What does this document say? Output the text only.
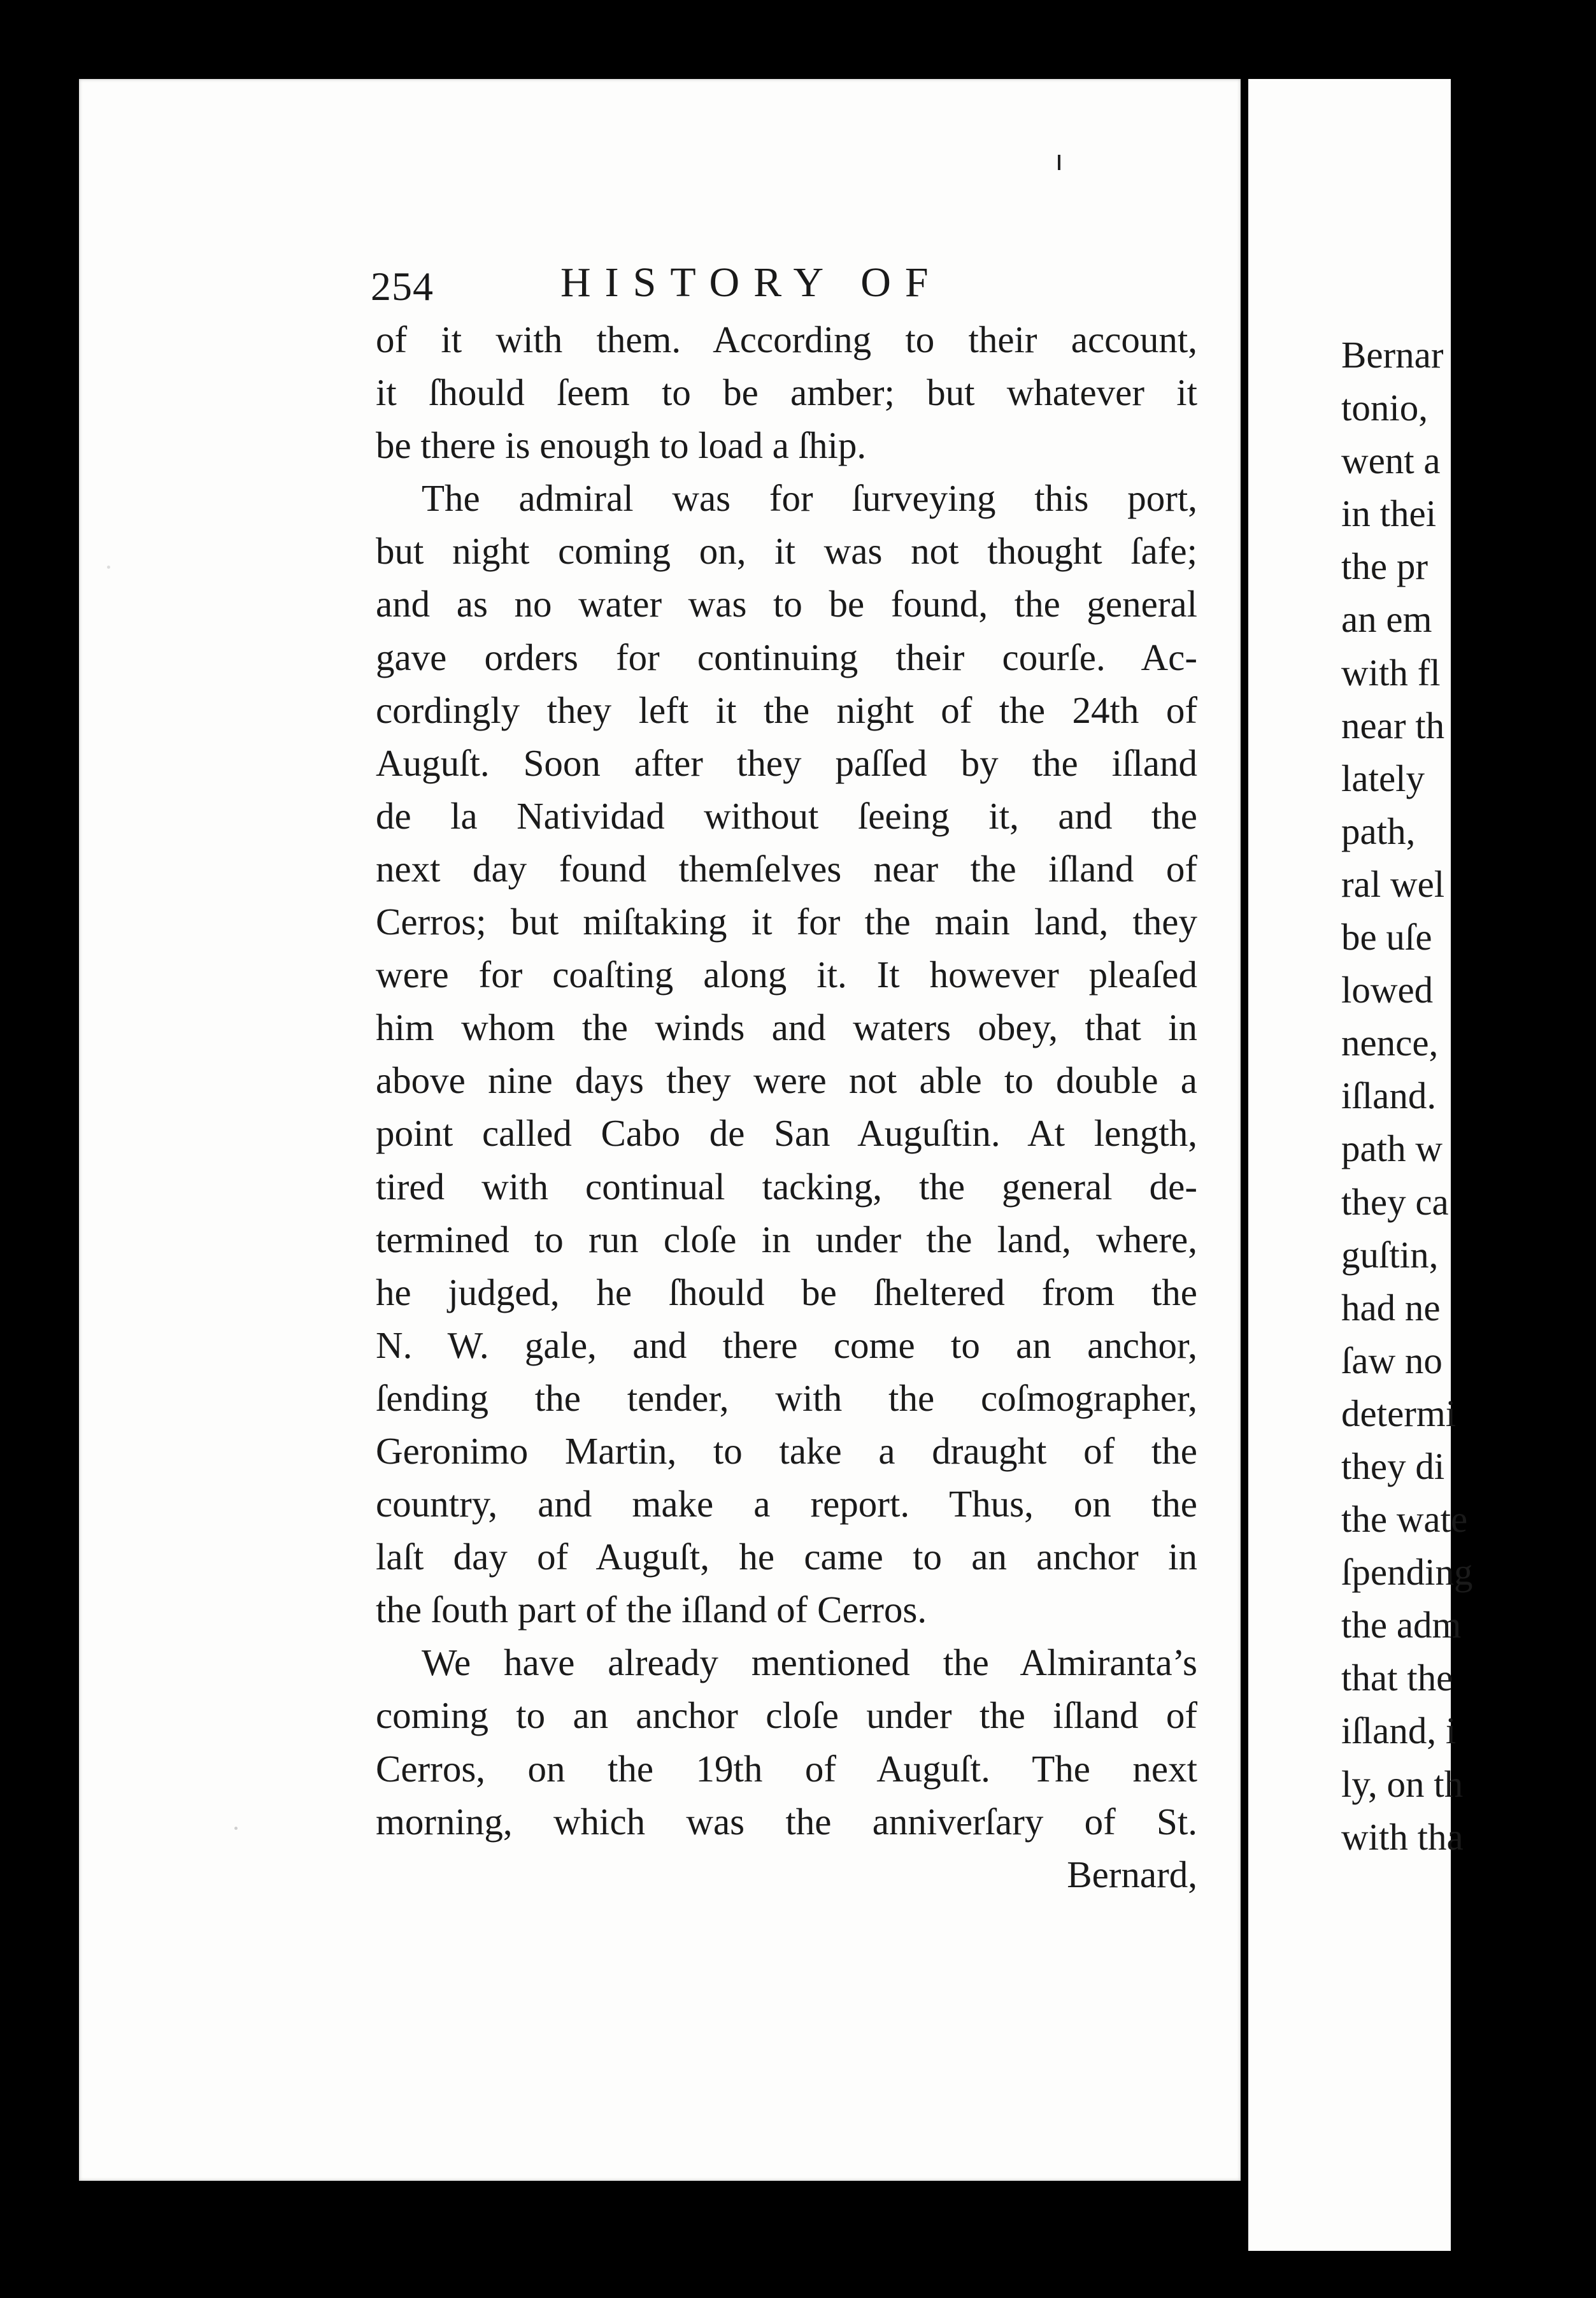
254	HISTORY OF
of it with them. According to their account,
it ſhould ſeem to be amber; but whatever it
be there is enough to load a ſhip.
The admiral was for ſurveying this port,
but night coming on, it was not thought ſafe;
and as no water was to be found, the general
gave orders for continuing their courſe. Ac-
cordingly they left it the night of the 24th of
Auguſt. Soon after they paſſed by the iſland
de la Natividad without ſeeing it, and the
next day found themſelves near the iſland of
Cerros; but miſtaking it for the main land, they
were for coaſting along it. It however pleaſed
him whom the winds and waters obey, that in
above nine days they were not able to double a
point called Cabo de San Auguſtin. At length,
tired with continual tacking, the general de-
termined to run cloſe in under the land, where,
he judged, he ſhould be ſheltered from the
N. W. gale, and there come to an anchor,
ſending the tender, with the coſmographer,
Geronimo Martin, to take a draught of the
country, and make a report. Thus, on the
laſt day of Auguſt, he came to an anchor in
the ſouth part of the iſland of Cerros.
We have already mentioned the Almiranta’s
coming to an anchor cloſe under the iſland of
Cerros, on the 19th of Auguſt. The next
morning, which was the anniverſary of St.
Bernard,
Bernar
tonio,
went a
in thei
the pr
an em
with fl
near th
lately
path,
ral wel
be uſe
lowed
nence,
iſland.
path w
they ca
guſtin,
had ne
ſaw no
determi
they di
the wate
ſpending
the adm
that the
iſland, i
ly, on th
with tha
